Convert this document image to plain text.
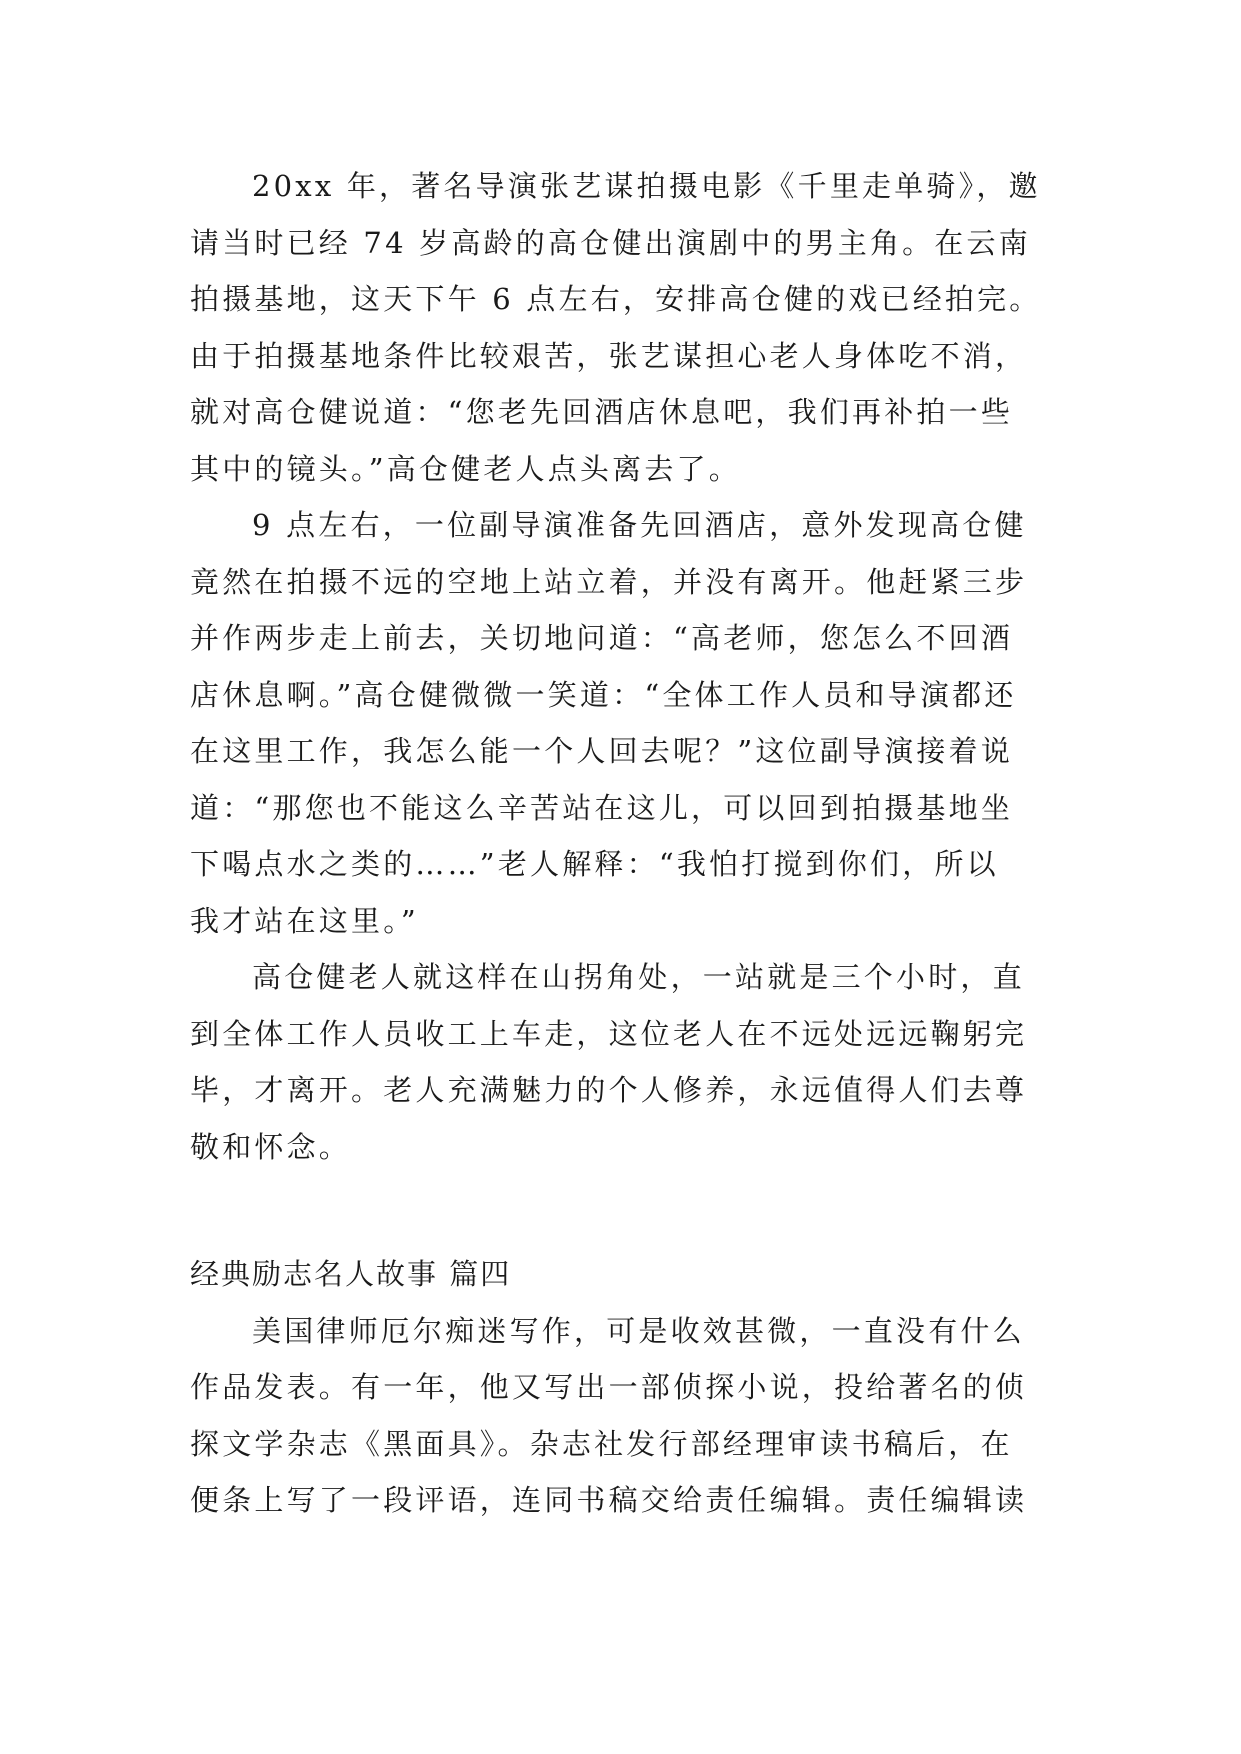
20xx 年，著名导演张艺谋拍摄电影《千里走单骑》，邀
请当时已经 74 岁高龄的高仓健出演剧中的男主角。在云南
拍摄基地，这天下午 6 点左右，安排高仓健的戏已经拍完。
由于拍摄基地条件比较艰苦，张艺谋担心老人身体吃不消，
就对高仓健说道：“您老先回酒店休息吧，我们再补拍一些
其中的镜头。”高仓健老人点头离去了。
9 点左右，一位副导演准备先回酒店，意外发现高仓健
竟然在拍摄不远的空地上站立着，并没有离开。他赶紧三步
并作两步走上前去，关切地问道：“高老师，您怎么不回酒
店休息啊。”高仓健微微一笑道：“全体工作人员和导演都还
在这里工作，我怎么能一个人回去呢？”这位副导演接着说
道：“那您也不能这么辛苦站在这儿，可以回到拍摄基地坐
下喝点水之类的……”老人解释：“我怕打搅到你们，所以
我才站在这里。”
高仓健老人就这样在山拐角处，一站就是三个小时，直
到全体工作人员收工上车走，这位老人在不远处远远鞠躬完
毕，才离开。老人充满魅力的个人修养，永远值得人们去尊
敬和怀念。
经典励志名人故事 篇四
美国律师厄尔痴迷写作，可是收效甚微，一直没有什么
作品发表。有一年，他又写出一部侦探小说，投给著名的侦
探文学杂志《黑面具》。杂志社发行部经理审读书稿后，在
便条上写了一段评语，连同书稿交给责任编辑。责任编辑读
